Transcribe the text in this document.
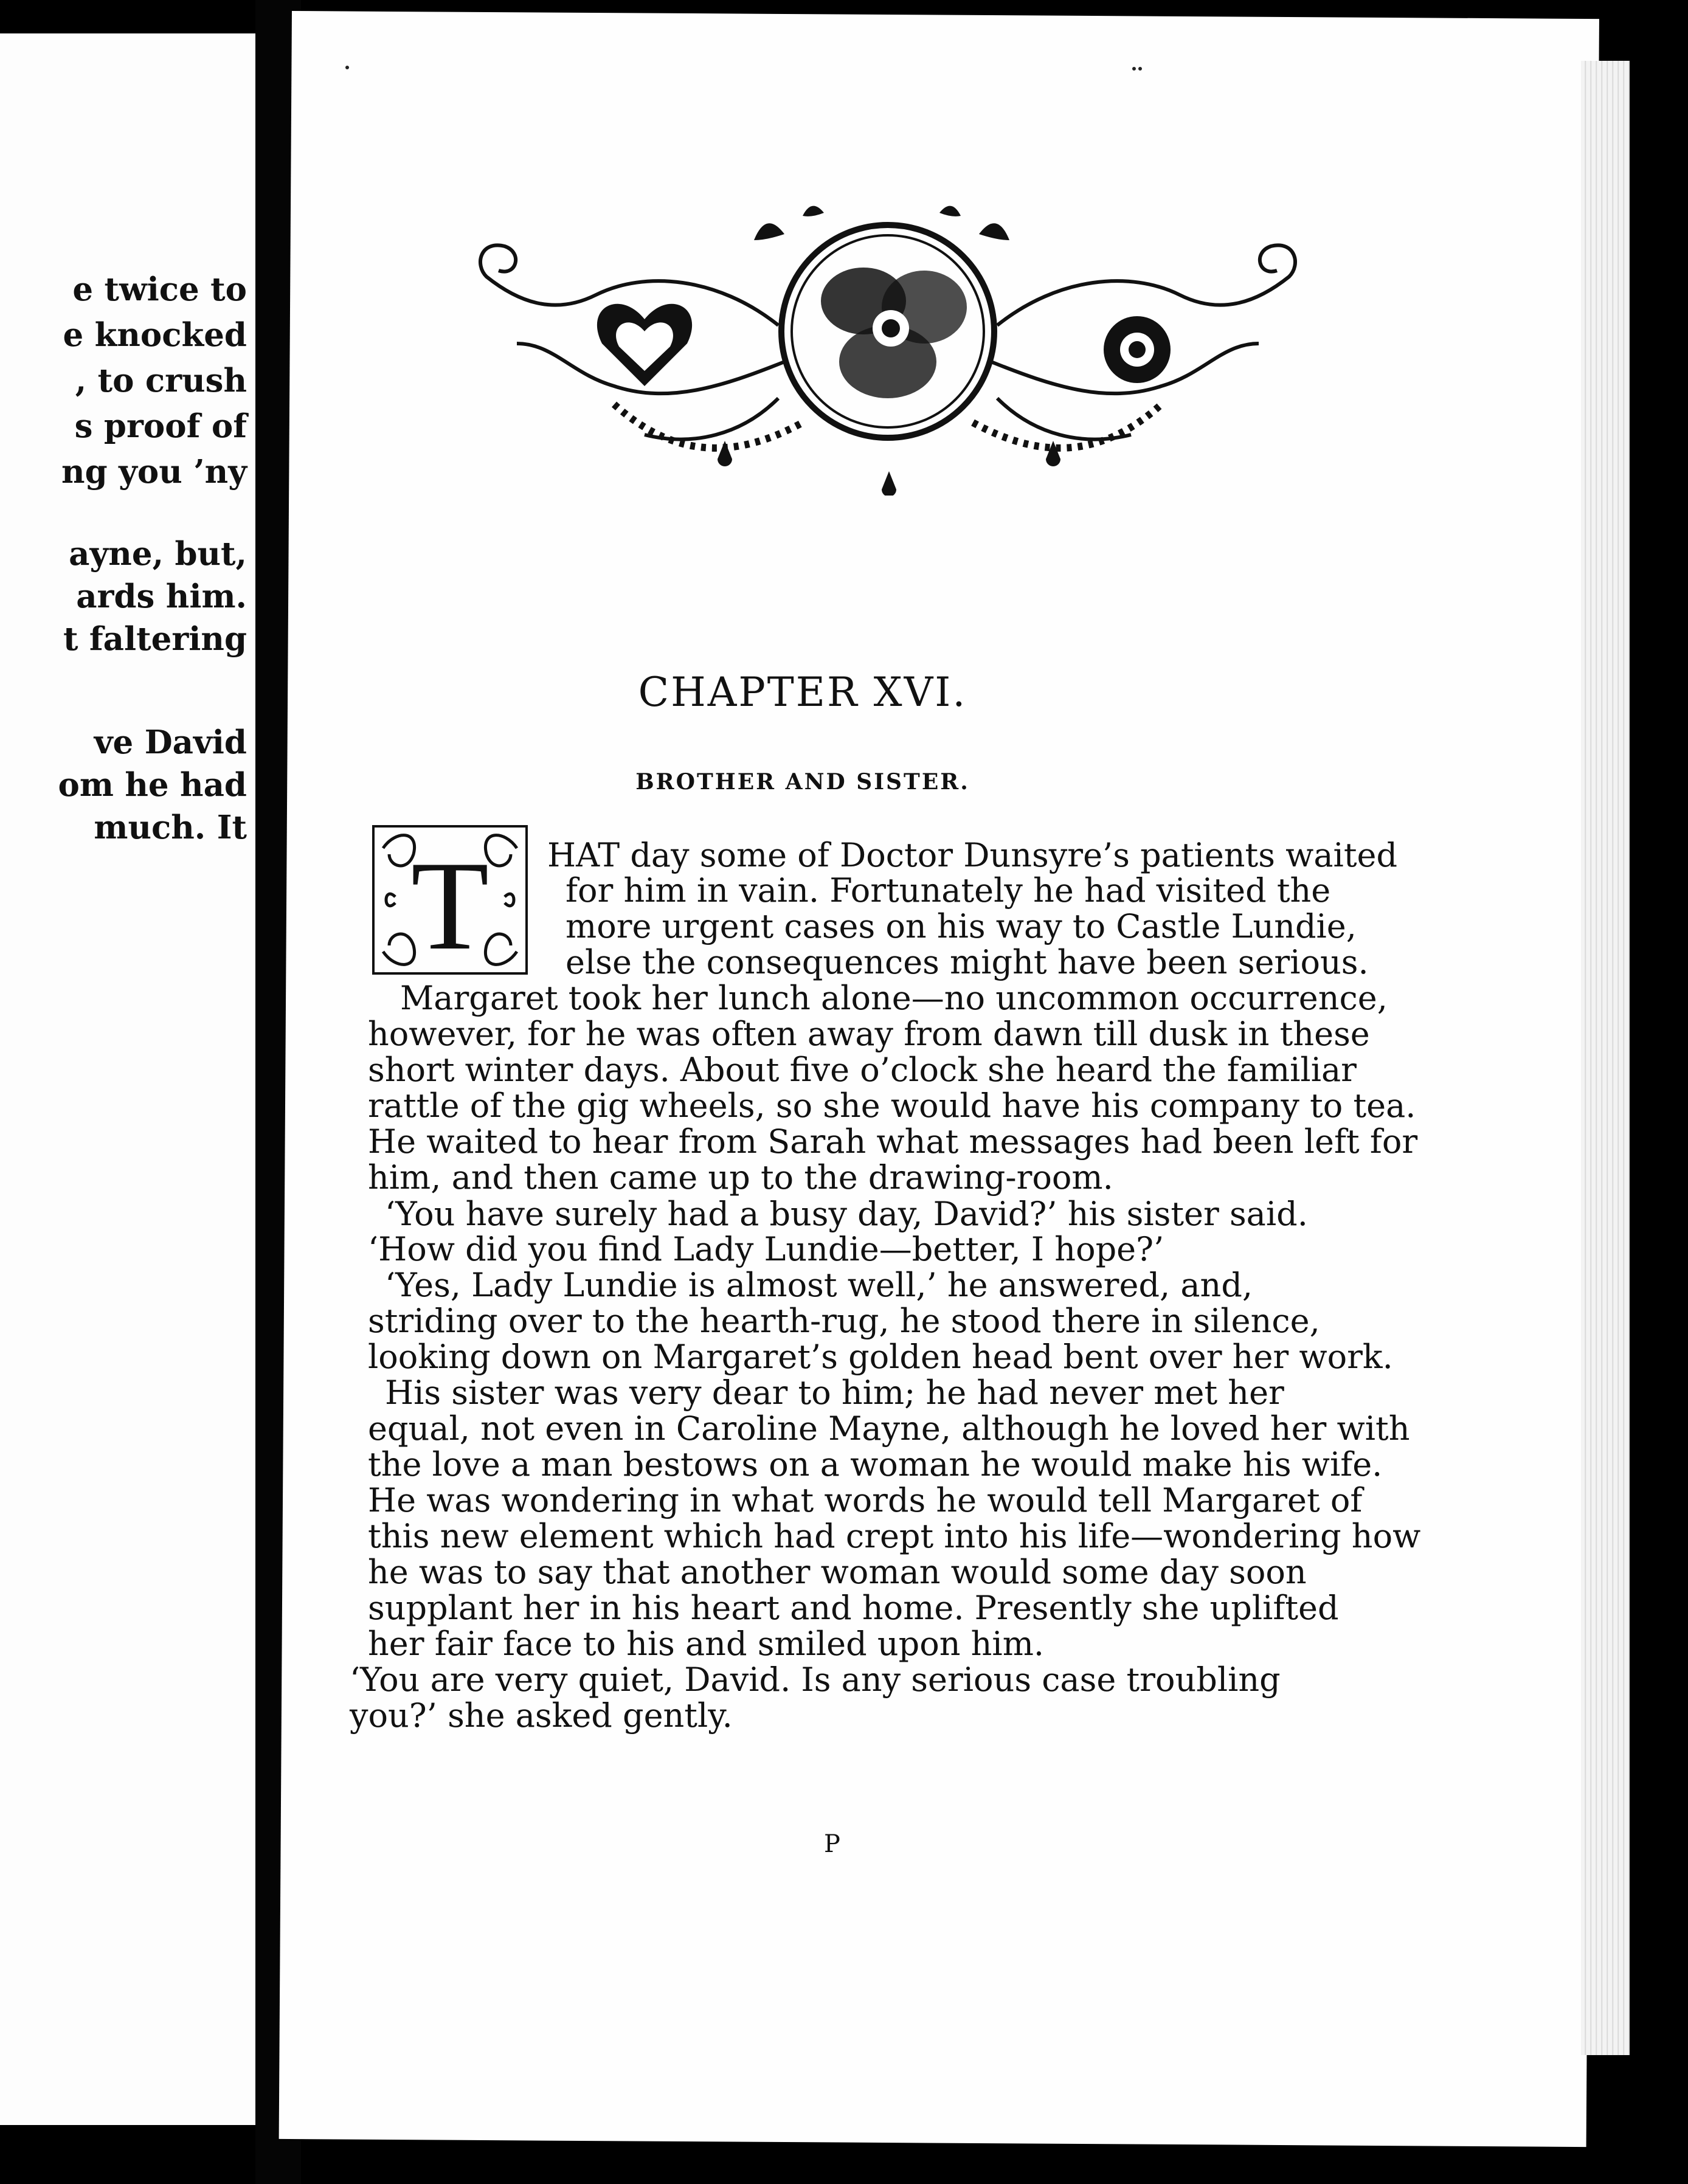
e twice to
e knocked
, to crush
s proof of
ng you ’ny
ayne, but,
ards him.
t faltering
ve David
om he had
much. It
CHAPTER XVI.
BROTHER AND SISTER.
T HAT day some of Doctor Dunsyre’s patients waited
for him in vain. Fortunately he had visited the
more urgent cases on his way to Castle Lundie,
else the consequences might have been serious.
Margaret took her lunch alone—no uncommon occurrence,
however, for he was often away from dawn till dusk in these
short winter days. About five o’clock she heard the familiar
rattle of the gig wheels, so she would have his company to tea.
He waited to hear from Sarah what messages had been left for
him, and then came up to the drawing-room.
‘You have surely had a busy day, David?’ his sister said.
‘How did you find Lady Lundie—better, I hope?’
‘Yes, Lady Lundie is almost well,’ he answered, and,
striding over to the hearth-rug, he stood there in silence,
looking down on Margaret’s golden head bent over her work.
His sister was very dear to him; he had never met her
equal, not even in Caroline Mayne, although he loved her with
the love a man bestows on a woman he would make his wife.
He was wondering in what words he would tell Margaret of
this new element which had crept into his life—wondering how
he was to say that another woman would some day soon
supplant her in his heart and home. Presently she uplifted
her fair face to his and smiled upon him.
‘You are very quiet, David. Is any serious case troubling
you?’ she asked gently.
P
